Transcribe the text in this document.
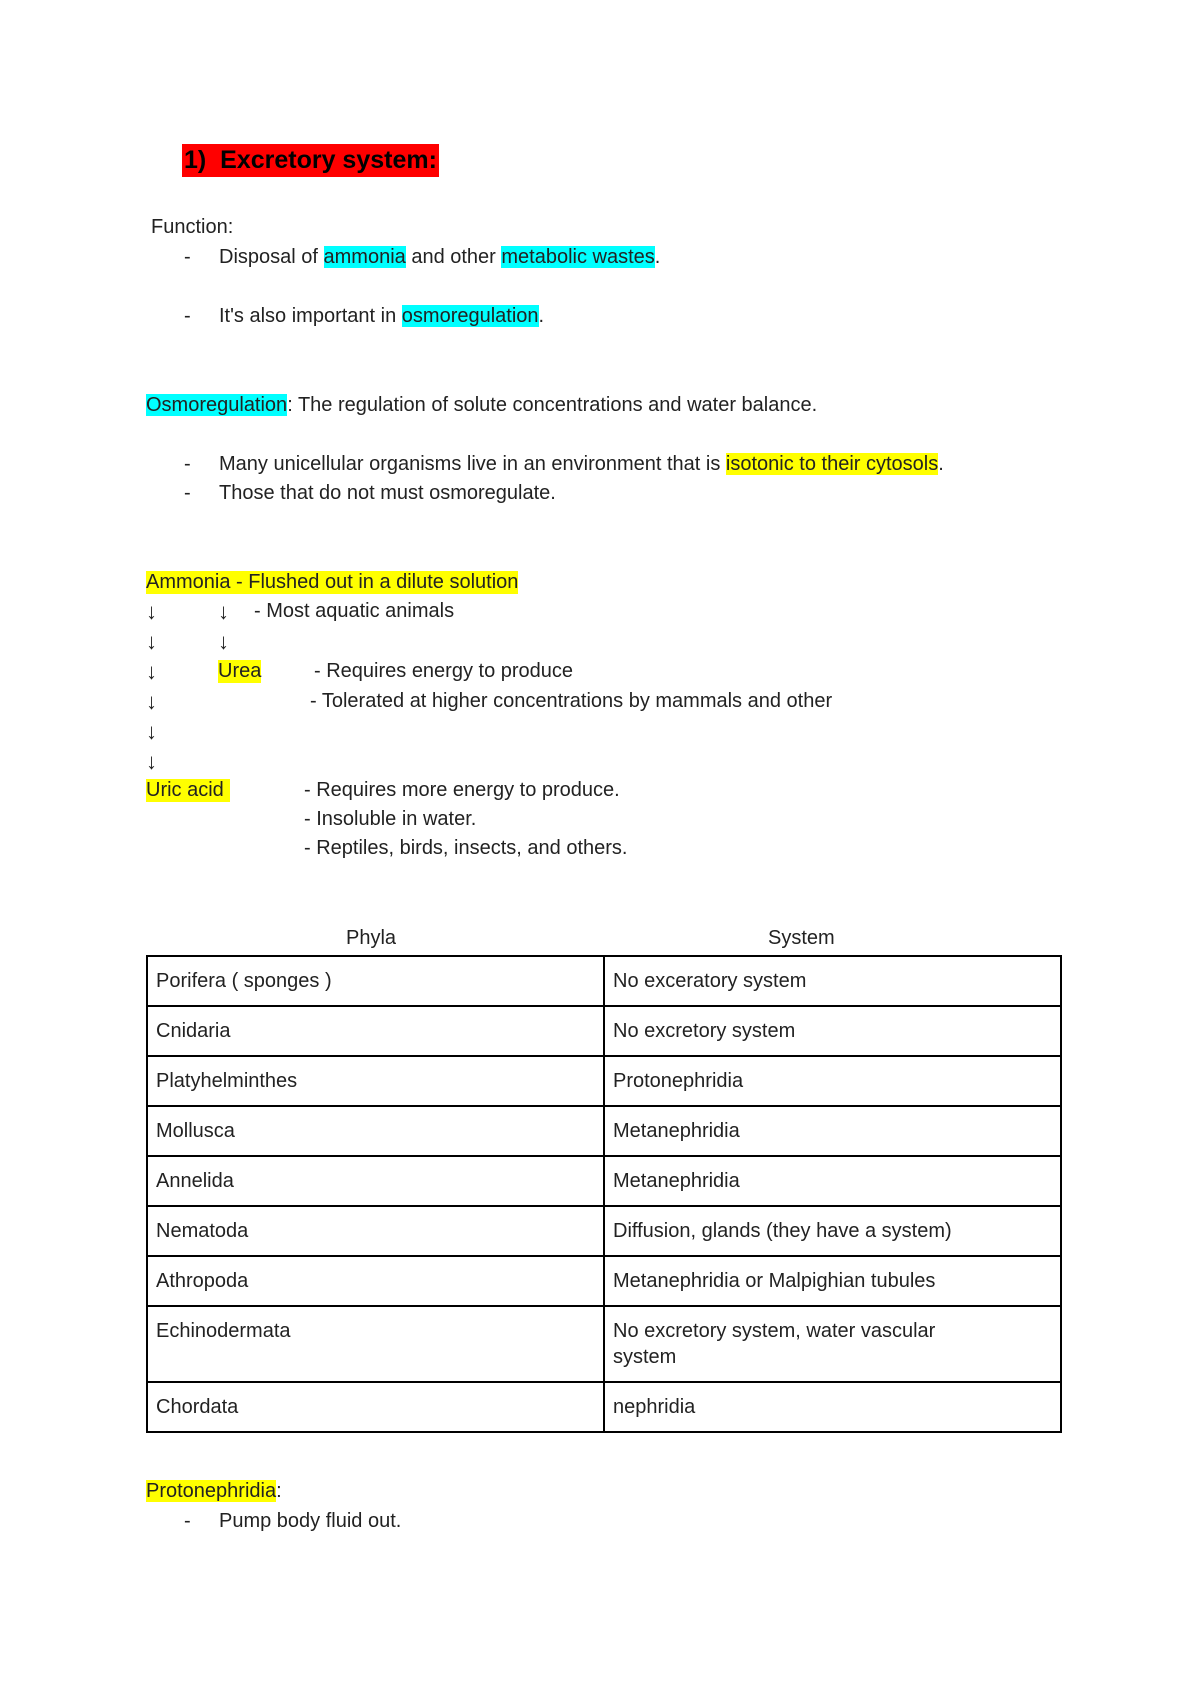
1) Excretory system:
Function:
- Disposal of ammonia and other metabolic wastes.
- It's also important in osmoregulation.
Osmoregulation: The regulation of solute concentrations and water balance.
- Many unicellular organisms live in an environment that is isotonic to their cytosols.
- Those that do not must osmoregulate.
Ammonia - Flushed out in a dilute solution
↓	↓ - Most aquatic animals
↓	↓
↓	Urea	- Requires energy to produce
↓	- Tolerated at higher concentrations by mammals and other
↓
↓
Uric acid	- Requires more energy to produce.
- Insoluble in water.
- Reptiles, birds, insects, and others.
Phyla	System
Porifera ( sponges )	No exceratory system
Cnidaria	No excretory system
Platyhelminthes	Protonephridia
Mollusca	Metanephridia
Annelida	Metanephridia
Nematoda	Diffusion, glands (they have a system)
Athropoda	Metanephridia or Malpighian tubules
Echinodermata	No excretory system, water vascular system
Chordata	nephridia
Protonephridia:
- Pump body fluid out.
